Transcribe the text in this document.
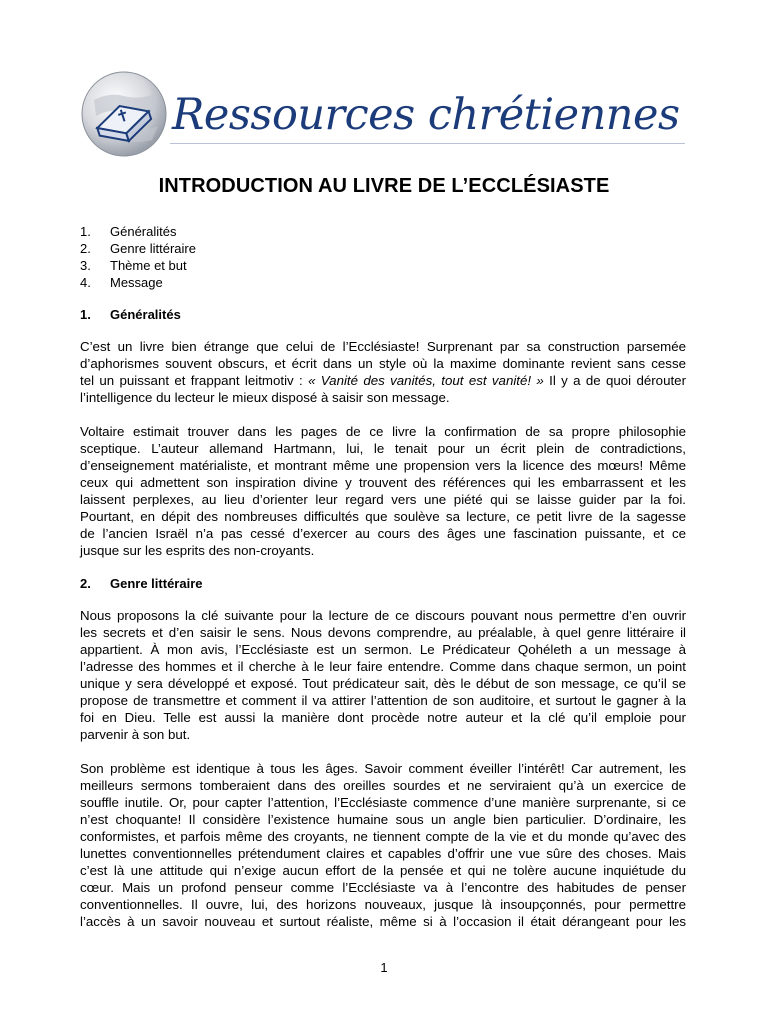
Ressources chrétiennes
INTRODUCTION AU LIVRE DE L’ECCLÉSIASTE
1. Généralités
2. Genre littéraire
3. Thème et but
4. Message
1. Généralités
C’est un livre bien étrange que celui de l’Ecclésiaste! Surprenant par sa construction parsemée
d’aphorismes souvent obscurs, et écrit dans un style où la maxime dominante revient sans cesse
tel un puissant et frappant leitmotiv : « Vanité des vanités, tout est vanité! » Il y a de quoi dérouter
l’intelligence du lecteur le mieux disposé à saisir son message.
Voltaire estimait trouver dans les pages de ce livre la confirmation de sa propre philosophie
sceptique. L’auteur allemand Hartmann, lui, le tenait pour un écrit plein de contradictions,
d’enseignement matérialiste, et montrant même une propension vers la licence des mœurs! Même
ceux qui admettent son inspiration divine y trouvent des références qui les embarrassent et les
laissent perplexes, au lieu d’orienter leur regard vers une piété qui se laisse guider par la foi.
Pourtant, en dépit des nombreuses difficultés que soulève sa lecture, ce petit livre de la sagesse
de l’ancien Israël n’a pas cessé d’exercer au cours des âges une fascination puissante, et ce
jusque sur les esprits des non-croyants.
2. Genre littéraire
Nous proposons la clé suivante pour la lecture de ce discours pouvant nous permettre d’en ouvrir
les secrets et d’en saisir le sens. Nous devons comprendre, au préalable, à quel genre littéraire il
appartient. À mon avis, l’Ecclésiaste est un sermon. Le Prédicateur Qohéleth a un message à
l’adresse des hommes et il cherche à le leur faire entendre. Comme dans chaque sermon, un point
unique y sera développé et exposé. Tout prédicateur sait, dès le début de son message, ce qu’il se
propose de transmettre et comment il va attirer l’attention de son auditoire, et surtout le gagner à la
foi en Dieu. Telle est aussi la manière dont procède notre auteur et la clé qu’il emploie pour
parvenir à son but.
Son problème est identique à tous les âges. Savoir comment éveiller l’intérêt! Car autrement, les
meilleurs sermons tomberaient dans des oreilles sourdes et ne serviraient qu’à un exercice de
souffle inutile. Or, pour capter l’attention, l’Ecclésiaste commence d’une manière surprenante, si ce
n’est choquante! Il considère l’existence humaine sous un angle bien particulier. D’ordinaire, les
conformistes, et parfois même des croyants, ne tiennent compte de la vie et du monde qu’avec des
lunettes conventionnelles prétendument claires et capables d’offrir une vue sûre des choses. Mais
c’est là une attitude qui n’exige aucun effort de la pensée et qui ne tolère aucune inquiétude du
cœur. Mais un profond penseur comme l’Ecclésiaste va à l’encontre des habitudes de penser
conventionnelles. Il ouvre, lui, des horizons nouveaux, jusque là insoupçonnés, pour permettre
l’accès à un savoir nouveau et surtout réaliste, même si à l’occasion il était dérangeant pour les
1
